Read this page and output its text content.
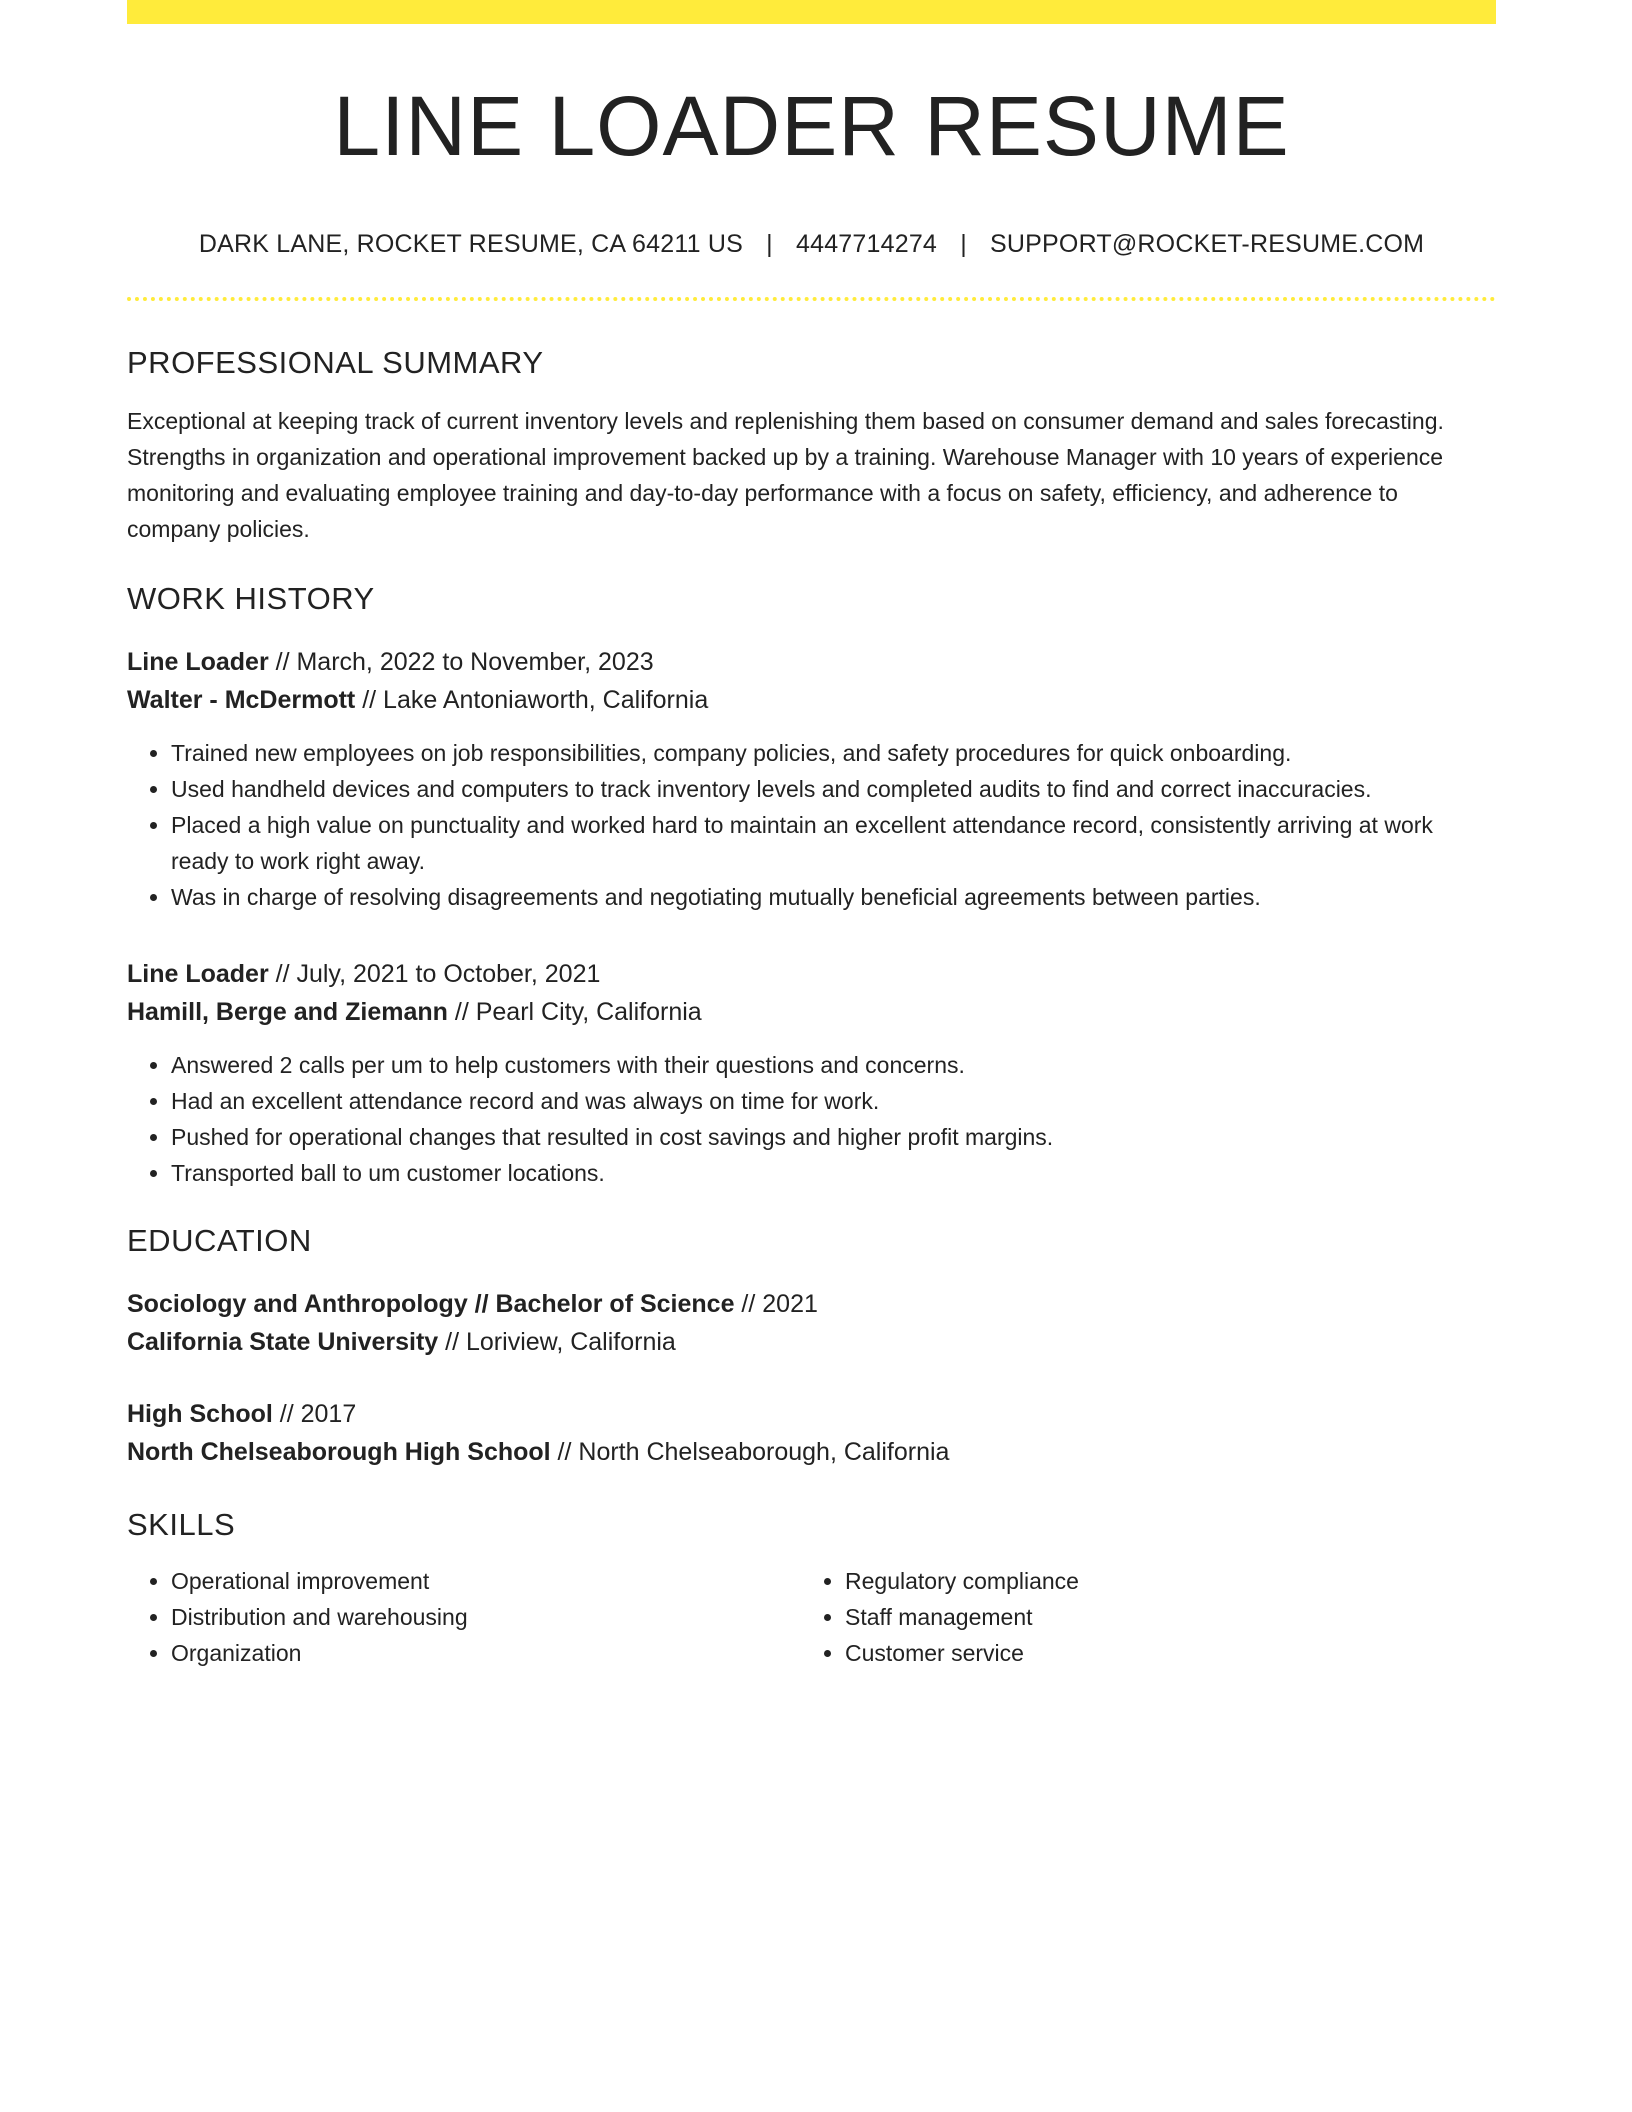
LINE LOADER RESUME
DARK LANE, ROCKET RESUME, CA 64211 US | 4447714274 | SUPPORT@ROCKET-RESUME.COM
PROFESSIONAL SUMMARY
Exceptional at keeping track of current inventory levels and replenishing them based on consumer demand and sales forecasting. Strengths in organization and operational improvement backed up by a training. Warehouse Manager with 10 years of experience monitoring and evaluating employee training and day-to-day performance with a focus on safety, efficiency, and adherence to company policies.
WORK HISTORY
Line Loader // March, 2022 to November, 2023
Walter - McDermott // Lake Antoniaworth, California
• Trained new employees on job responsibilities, company policies, and safety procedures for quick onboarding.
• Used handheld devices and computers to track inventory levels and completed audits to find and correct inaccuracies.
• Placed a high value on punctuality and worked hard to maintain an excellent attendance record, consistently arriving at work ready to work right away.
• Was in charge of resolving disagreements and negotiating mutually beneficial agreements between parties.
Line Loader // July, 2021 to October, 2021
Hamill, Berge and Ziemann // Pearl City, California
• Answered 2 calls per um to help customers with their questions and concerns.
• Had an excellent attendance record and was always on time for work.
• Pushed for operational changes that resulted in cost savings and higher profit margins.
• Transported ball to um customer locations.
EDUCATION
Sociology and Anthropology // Bachelor of Science // 2021
California State University // Loriview, California
High School // 2017
North Chelseaborough High School // North Chelseaborough, California
SKILLS
• Operational improvement
• Distribution and warehousing
• Organization
• Regulatory compliance
• Staff management
• Customer service
